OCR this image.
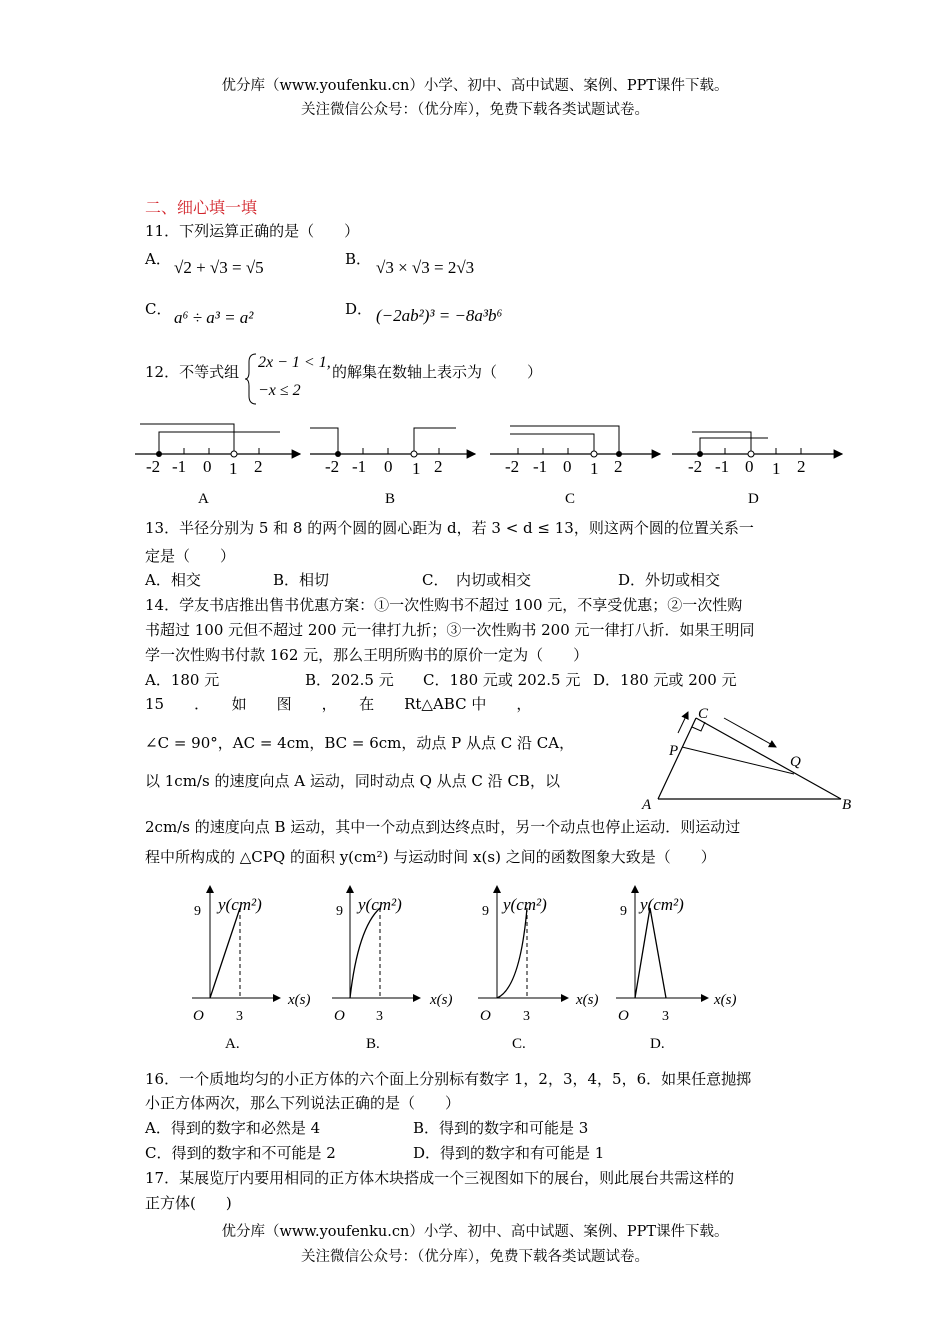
优分库（www.youfenku.cn）小学、初中、高中试题、案例、PPT课件下载。
关注微信公众号：（优分库），免费下载各类试题试卷。
二、细心填一填
11．下列运算正确的是（　　）
A． √2 + √3 = √5	B． √3 × √3 = 2√3
C． a⁶ ÷ a³ = a²	D． (−2ab²)³ = −8a³b⁶
12．不等式组
2x − 1 < 1,
−x ≤ 2
的解集在数轴上表示为（　　）
-2 -1 0 1 2
A
-2 -1 0 1 2
B
-2 -1 0 1 2
C
-2 -1 0 1 2
D
13．半径分别为 5 和 8 的两个圆的圆心距为 d，若 3 < d ≤ 13，则这两个圆的位置关系一
定是（　　）
A．相交	B．相切	C．　内切或相交	D．外切或相交
14．学友书店推出售书优惠方案：①一次性购书不超过 100 元，不享受优惠；②一次性购
书超过 100 元但不超过 200 元一律打九折；③一次性购书 200 元一律打八折．如果王明同
学一次性购书付款 162 元，那么王明所购书的原价一定为（　　）
A．180 元	B．202.5 元 C．180 元或 202.5 元 D．180 元或 200 元
15　　．　　如　　图　　，　　在　　Rt△ABC 中　　，
∠C = 90°，AC = 4cm，BC = 6cm，动点 P 从点 C 沿 CA，
以 1cm/s 的速度向点 A 运动，同时动点 Q 从点 C 沿 CB，以
2cm/s 的速度向点 B 运动，其中一个动点到达终点时，另一个动点也停止运动．则运动过
程中所构成的 △CPQ 的面积 y(cm²) 与运动时间 x(s) 之间的函数图象大致是（　　）
C
P
Q
A	B
9 y(cm²)
x(s)
O 3
A.
9 y(cm²)
x(s)
O 3
B.
9 y(cm²)
x(s)
O 3
C.
9 y(cm²)
x(s)
O 3
D.
16．一个质地均匀的小正方体的六个面上分别标有数字 1，2，3，4，5，6．如果任意抛掷
小正方体两次，那么下列说法正确的是（　　）
A．得到的数字和必然是 4	B．得到的数字和可能是 3
C．得到的数字和不可能是 2	D．得到的数字和有可能是 1
17．某展览厅内要用相同的正方体木块搭成一个三视图如下的展台，则此展台共需这样的
正方体(　　)
优分库（www.youfenku.cn）小学、初中、高中试题、案例、PPT课件下载。
关注微信公众号：（优分库），免费下载各类试题试卷。
